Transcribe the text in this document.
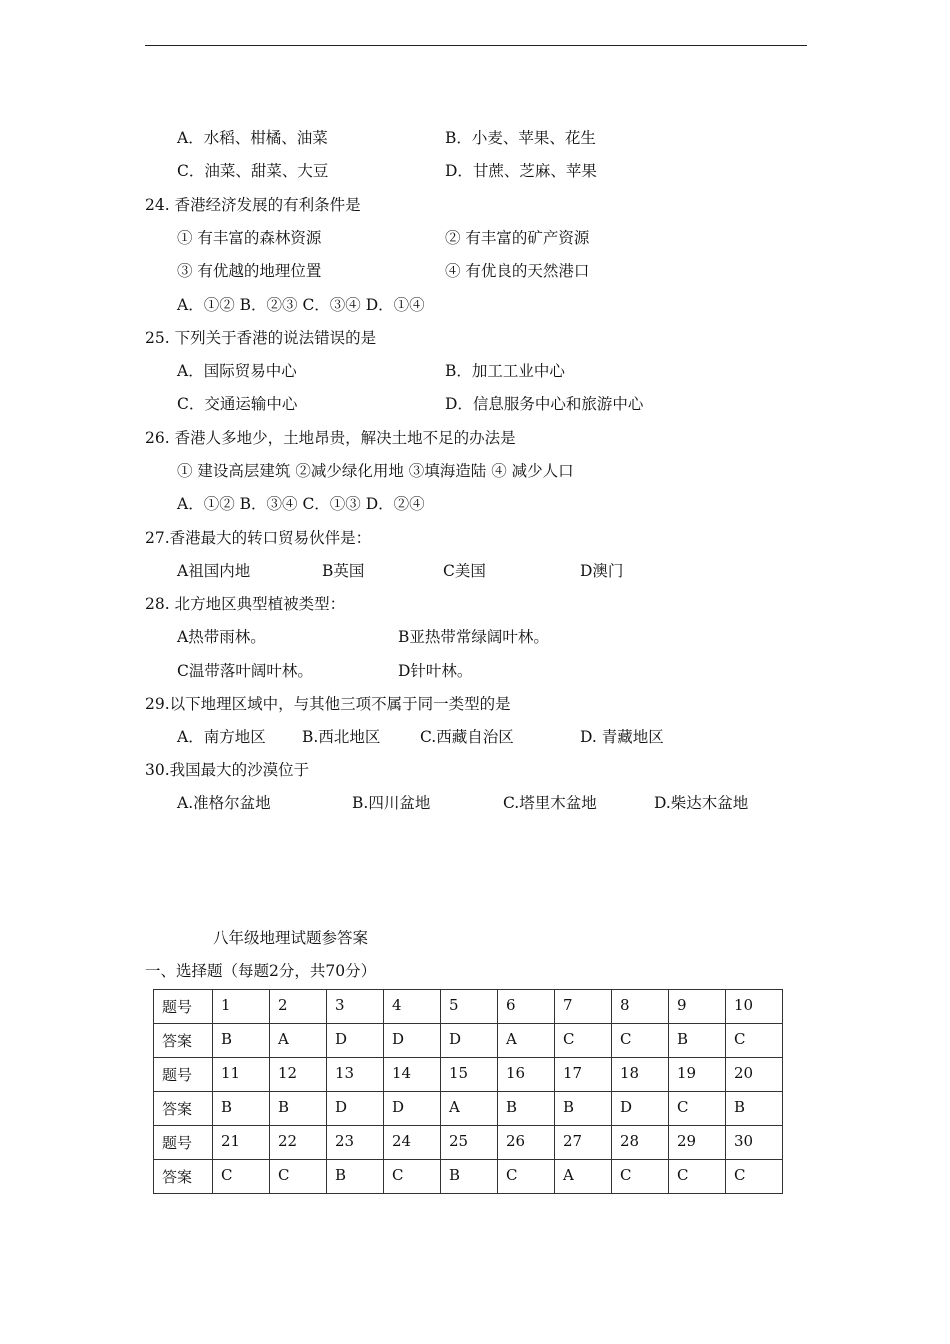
A．水稻、柑橘、油菜	B．小麦、苹果、花生
C．油菜、甜菜、大豆	D．甘蔗、芝麻、苹果
24. 香港经济发展的有利条件是
① 有丰富的森林资源	② 有丰富的矿产资源
③ 有优越的地理位置	④ 有优良的天然港口
A．①② B．②③ C．③④ D．①④
25. 下列关于香港的说法错误的是
A．国际贸易中心	B．加工工业中心
C．交通运输中心	D．信息服务中心和旅游中心
26. 香港人多地少，土地昂贵，解决土地不足的办法是
① 建设高层建筑 ②减少绿化用地 ③填海造陆 ④ 减少人口
A．①② B．③④ C．①③ D．②④
27.香港最大的转口贸易伙伴是：
A祖国内地	B英国	C美国	D澳门
28. 北方地区典型植被类型：
A热带雨林。	B亚热带常绿阔叶林。
C温带落叶阔叶林。	D针叶林。
29.以下地理区域中，与其他三项不属于同一类型的是
A．南方地区 B.西北地区	C.西藏自治区	D. 青藏地区
30.我国最大的沙漠位于
A.准格尔盆地	B.四川盆地	C.塔里木盆地	D.柴达木盆地
八年级地理试题参答案
一、选择题（每题2分，共70分）
题号	1	2	3	4	5	6	7	8	9	10
答案	B	A	D	D	D	A	C	C	B	C
题号	11	12	13	14	15	16	17	18	19	20
答案	B	B	D	D	A	B	B	D	C	B
题号	21	22	23	24	25	26	27	28	29	30
答案	C	C	B	C	B	C	A	C	C	C
